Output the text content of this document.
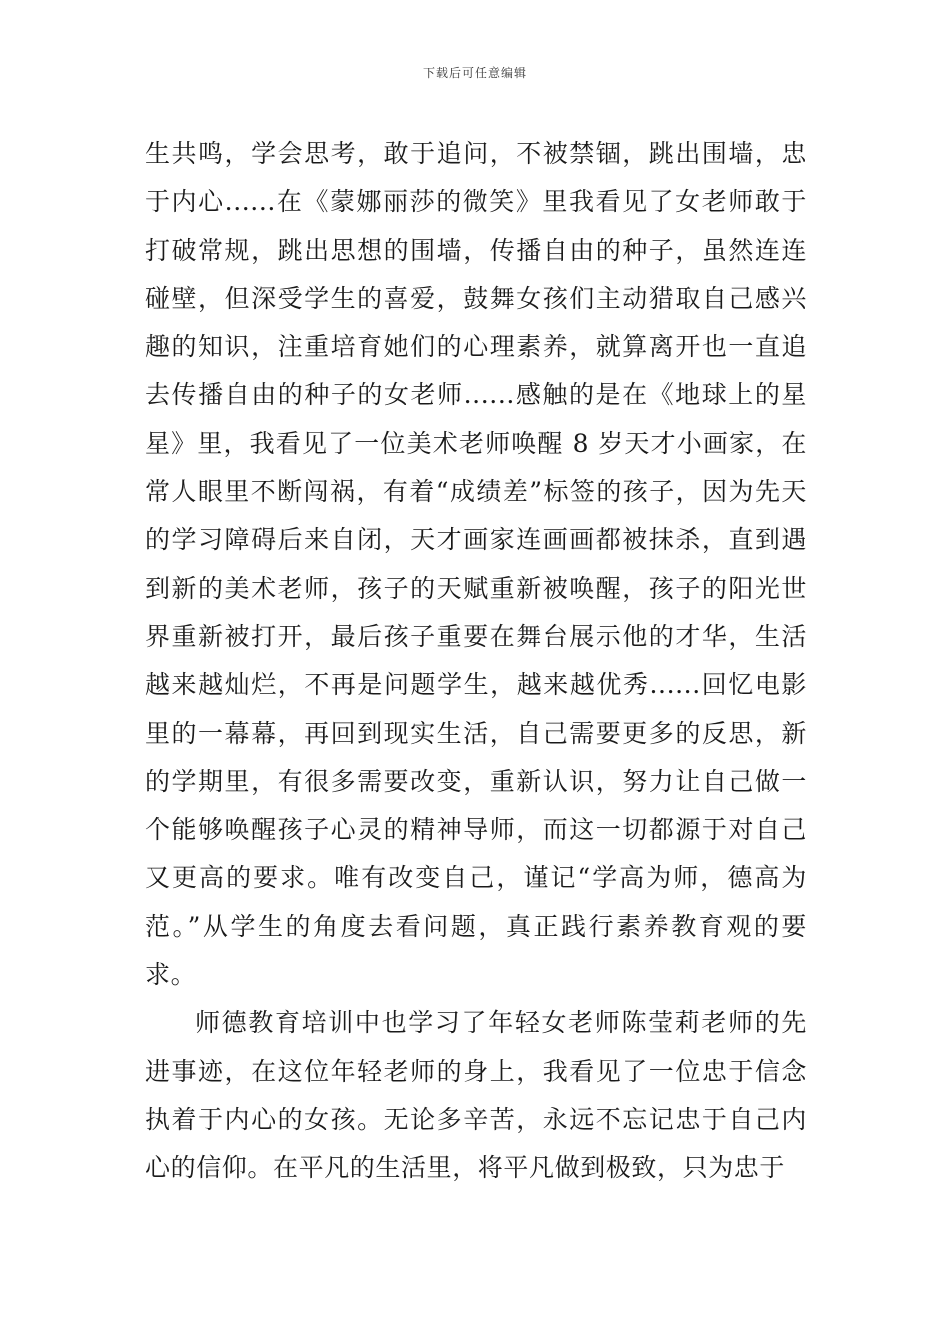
下载后可任意编辑

生共鸣，学会思考，敢于追问，不被禁锢，跳出围墙，忠于内心......在《蒙娜丽莎的微笑》里我看见了女老师敢于打破常规，跳出思想的围墙，传播自由的种子，虽然连连碰壁，但深受学生的喜爱，鼓舞女孩们主动猎取自己感兴趣的知识，注重培育她们的心理素养，就算离开也一直追去传播自由的种子的女老师......感触的是在《地球上的星星》里，我看见了一位美术老师唤醒 8 岁天才小画家，在常人眼里不断闯祸，有着“成绩差”标签的孩子，因为先天的学习障碍后来自闭，天才画家连画画都被抹杀，直到遇到新的美术老师，孩子的天赋重新被唤醒，孩子的阳光世界重新被打开，最后孩子重要在舞台展示他的才华，生活越来越灿烂，不再是问题学生，越来越优秀......回忆电影里的一幕幕，再回到现实生活，自己需要更多的反思，新的学期里，有很多需要改变，重新认识，努力让自己做一个能够唤醒孩子心灵的精神导师，而这一切都源于对自己又更高的要求。唯有改变自己，谨记“学高为师，德高为范。”从学生的角度去看问题，真正践行素养教育观的要求。

师德教育培训中也学习了年轻女老师陈莹莉老师的先进事迹，在这位年轻老师的身上，我看见了一位忠于信念执着于内心的女孩。无论多辛苦，永远不忘记忠于自己内心的信仰。在平凡的生活里，将平凡做到极致，只为忠于
